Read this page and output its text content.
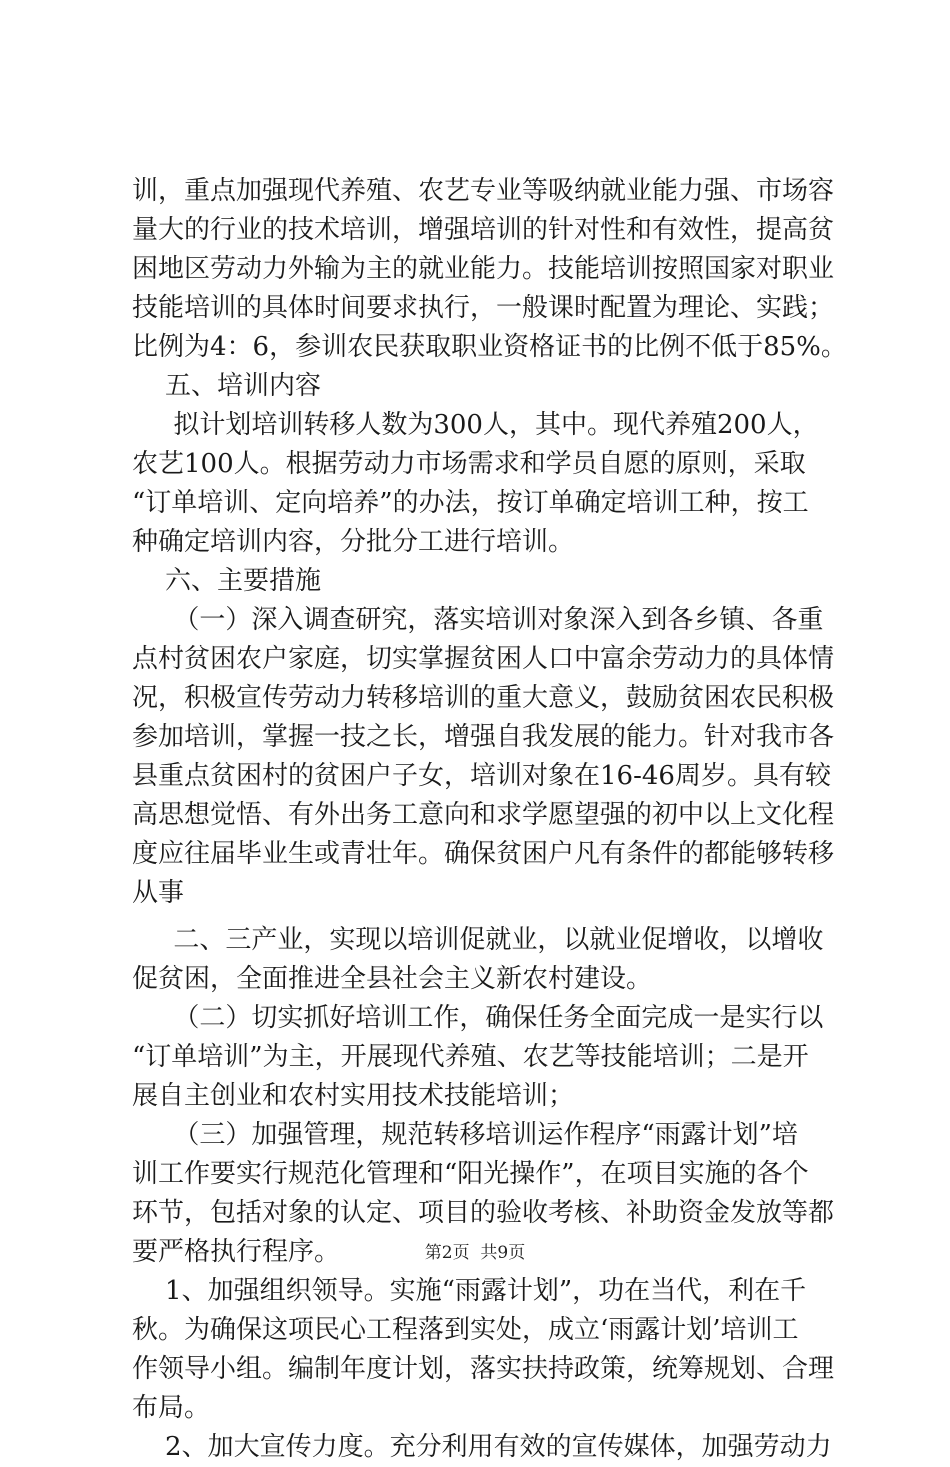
训，重点加强现代养殖、农艺专业等吸纳就业能力强、市场容
量大的行业的技术培训，增强培训的针对性和有效性，提高贫
困地区劳动力外输为主的就业能力。技能培训按照国家对职业
技能培训的具体时间要求执行，一般课时配置为理论、实践；
比例为4：6，参训农民获取职业资格证书的比例不低于85%。
五、培训内容
拟计划培训转移人数为300人，其中。现代养殖200人，
农艺100人。根据劳动力市场需求和学员自愿的原则，采取
“订单培训、定向培养”的办法，按订单确定培训工种，按工
种确定培训内容，分批分工进行培训。
六、主要措施
（一）深入调查研究，落实培训对象深入到各乡镇、各重
点村贫困农户家庭，切实掌握贫困人口中富余劳动力的具体情
况，积极宣传劳动力转移培训的重大意义，鼓励贫困农民积极
参加培训，掌握一技之长，增强自我发展的能力。针对我市各
县重点贫困村的贫困户子女，培训对象在16-46周岁。具有较
高思想觉悟、有外出务工意向和求学愿望强的初中以上文化程
度应往届毕业生或青壮年。确保贫困户凡有条件的都能够转移
从事
二、三产业，实现以培训促就业，以就业促增收，以增收
促贫困，全面推进全县社会主义新农村建设。
（二）切实抓好培训工作，确保任务全面完成一是实行以
“订单培训”为主，开展现代养殖、农艺等技能培训；二是开
展自主创业和农村实用技术技能培训；
（三）加强管理，规范转移培训运作程序“雨露计划”培
训工作要实行规范化管理和“阳光操作”，在项目实施的各个
环节，包括对象的认定、项目的验收考核、补助资金发放等都
要严格执行程序。
1、加强组织领导。实施“雨露计划”，功在当代，利在千
秋。为确保这项民心工程落到实处，成立‘雨露计划’培训工
作领导小组。编制年度计划，落实扶持政策，统筹规划、合理
布局。
2、加大宣传力度。充分利用有效的宣传媒体，加强劳动力
第2页  共9页
